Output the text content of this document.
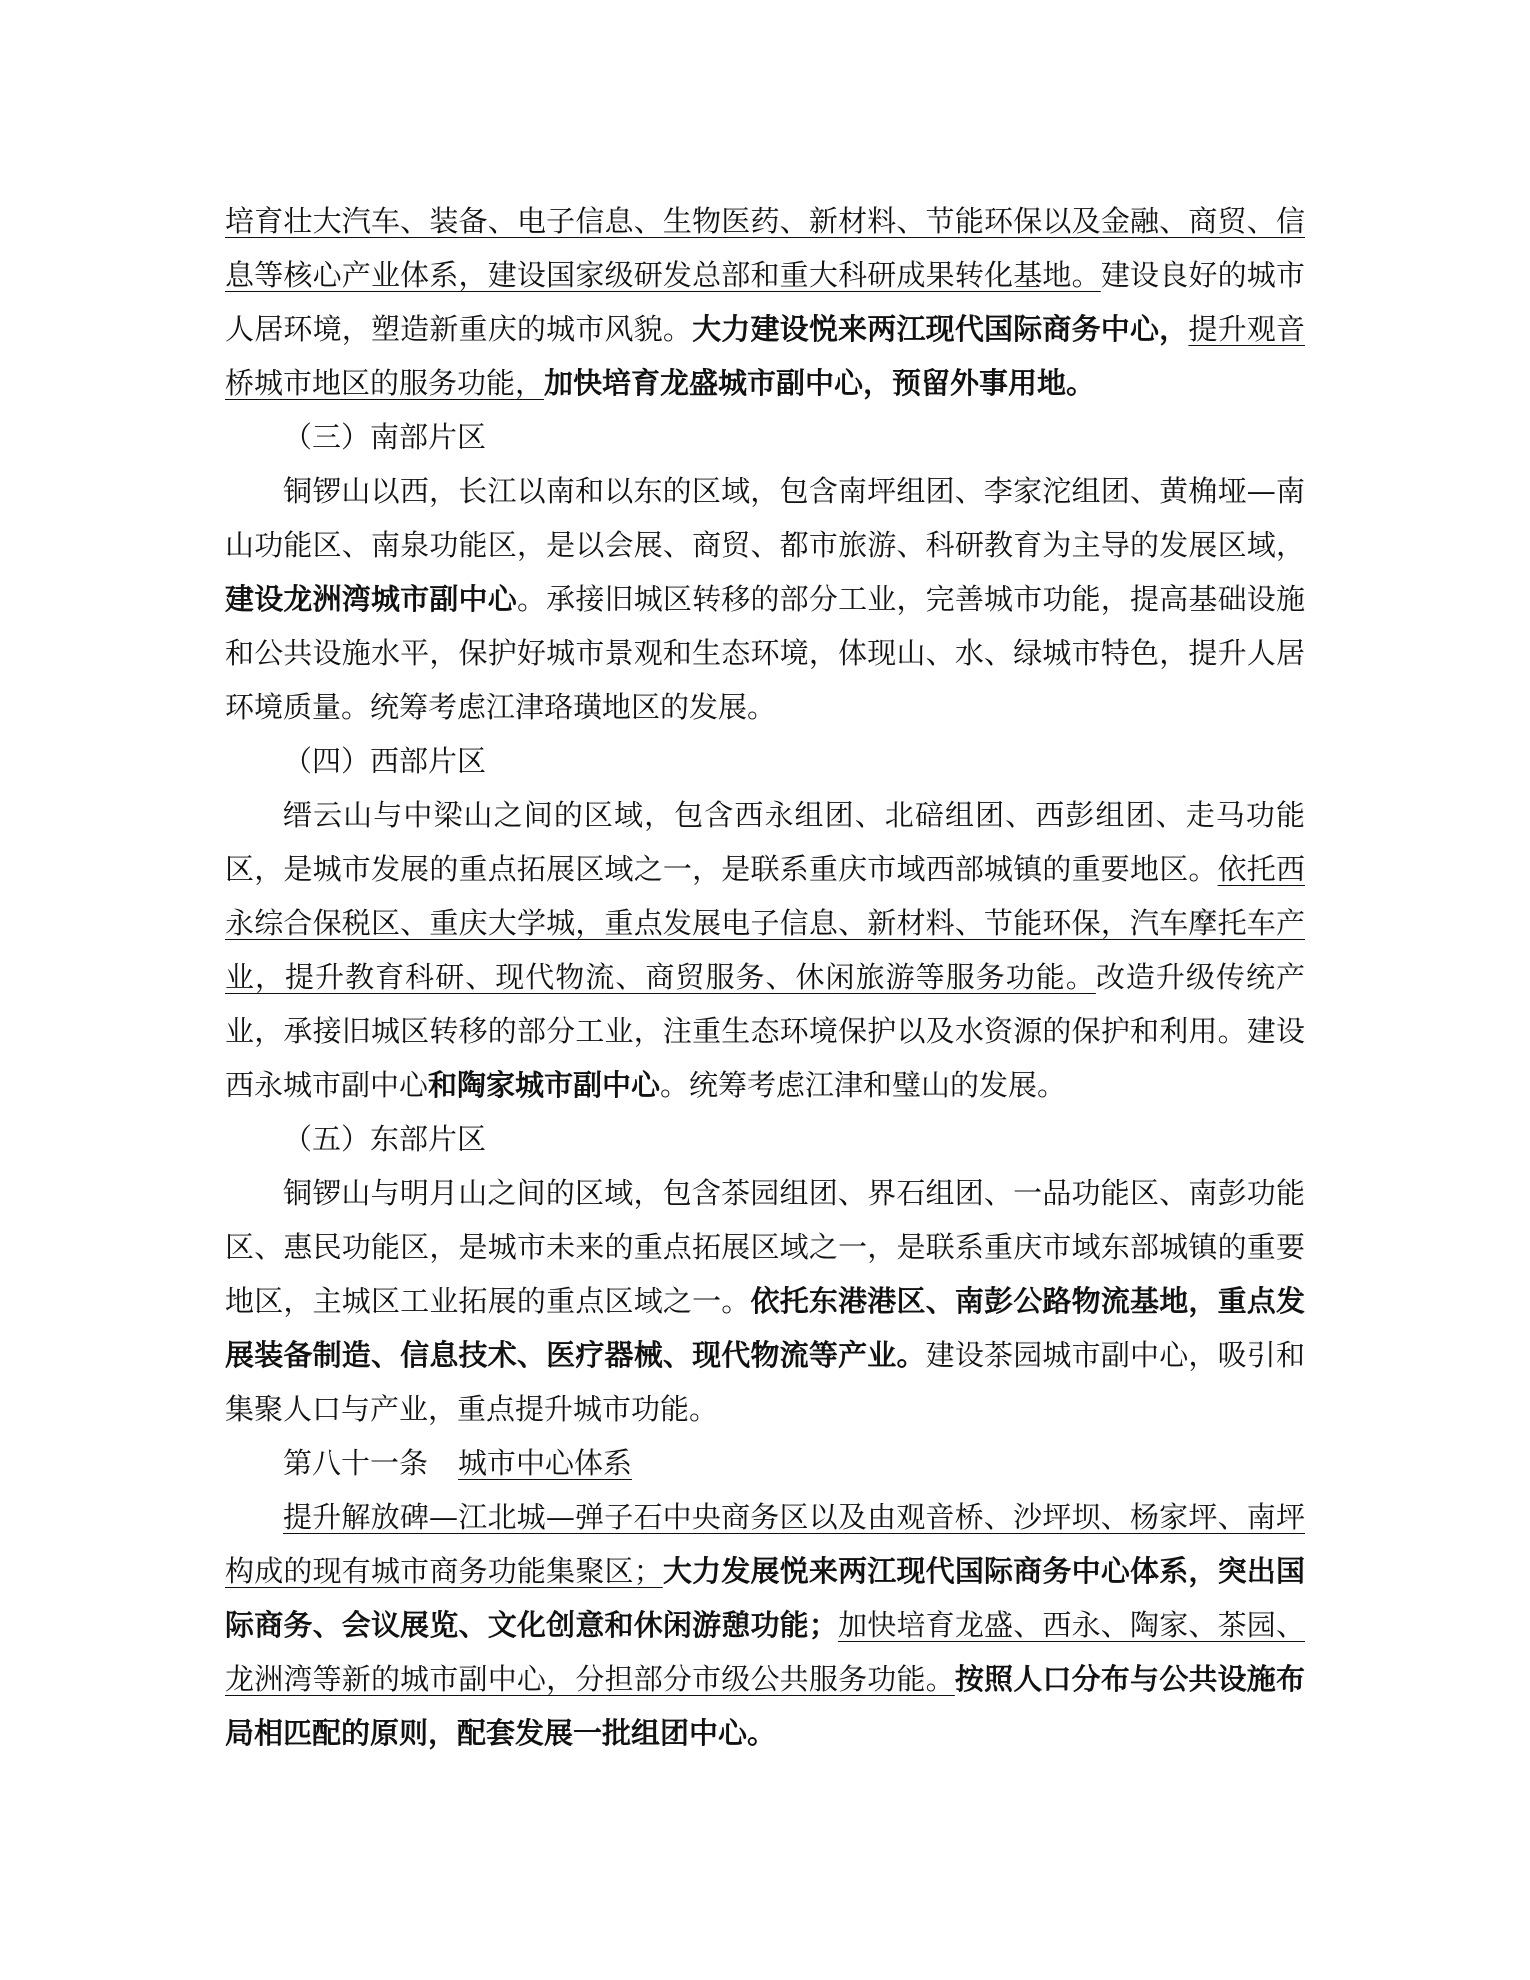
培育壮大汽车、装备、电子信息、生物医药、新材料、节能环保以及金融、商贸、信息等核心产业体系，建设国家级研发总部和重大科研成果转化基地。建设良好的城市人居环境，塑造新重庆的城市风貌。大力建设悦来两江现代国际商务中心，提升观音桥城市地区的服务功能，加快培育龙盛城市副中心，预留外事用地。

（三）南部片区

铜锣山以西，长江以南和以东的区域，包含南坪组团、李家沱组团、黄桷垭—南山功能区、南泉功能区，是以会展、商贸、都市旅游、科研教育为主导的发展区域，建设龙洲湾城市副中心。承接旧城区转移的部分工业，完善城市功能，提高基础设施和公共设施水平，保护好城市景观和生态环境，体现山、水、绿城市特色，提升人居环境质量。统筹考虑江津珞璜地区的发展。

（四）西部片区

缙云山与中梁山之间的区域，包含西永组团、北碚组团、西彭组团、走马功能区，是城市发展的重点拓展区域之一，是联系重庆市域西部城镇的重要地区。依托西永综合保税区、重庆大学城，重点发展电子信息、新材料、节能环保，汽车摩托车产业，提升教育科研、现代物流、商贸服务、休闲旅游等服务功能。改造升级传统产业，承接旧城区转移的部分工业，注重生态环境保护以及水资源的保护和利用。建设西永城市副中心和陶家城市副中心。统筹考虑江津和璧山的发展。

（五）东部片区

铜锣山与明月山之间的区域，包含茶园组团、界石组团、一品功能区、南彭功能区、惠民功能区，是城市未来的重点拓展区域之一，是联系重庆市域东部城镇的重要地区，主城区工业拓展的重点区域之一。依托东港港区、南彭公路物流基地，重点发展装备制造、信息技术、医疗器械、现代物流等产业。建设茶园城市副中心，吸引和集聚人口与产业，重点提升城市功能。

第八十一条 城市中心体系

提升解放碑—江北城—弹子石中央商务区以及由观音桥、沙坪坝、杨家坪、南坪构成的现有城市商务功能集聚区；大力发展悦来两江现代国际商务中心体系，突出国际商务、会议展览、文化创意和休闲游憩功能；加快培育龙盛、西永、陶家、茶园、龙洲湾等新的城市副中心，分担部分市级公共服务功能。按照人口分布与公共设施布局相匹配的原则，配套发展一批组团中心。
